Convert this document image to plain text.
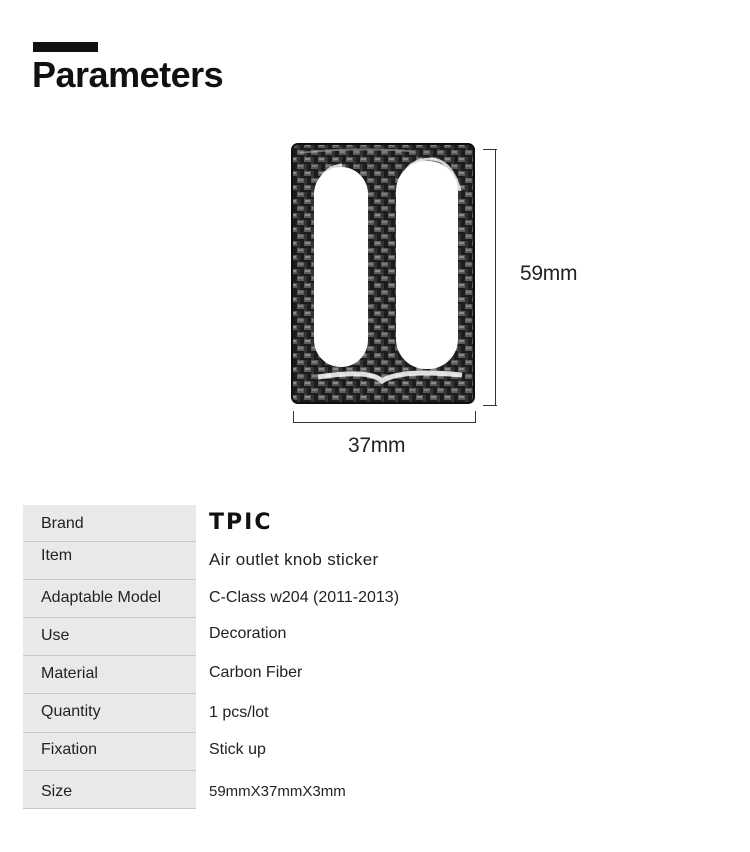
Parameters
59mm
37mm
Brand	TPIC
Item	Air outlet knob sticker
Adaptable Model	C-Class w204 (2011-2013)
Use	Decoration
Material	Carbon Fiber
Quantity	1 pcs/lot
Fixation	Stick up
Size	59mmX37mmX3mm
